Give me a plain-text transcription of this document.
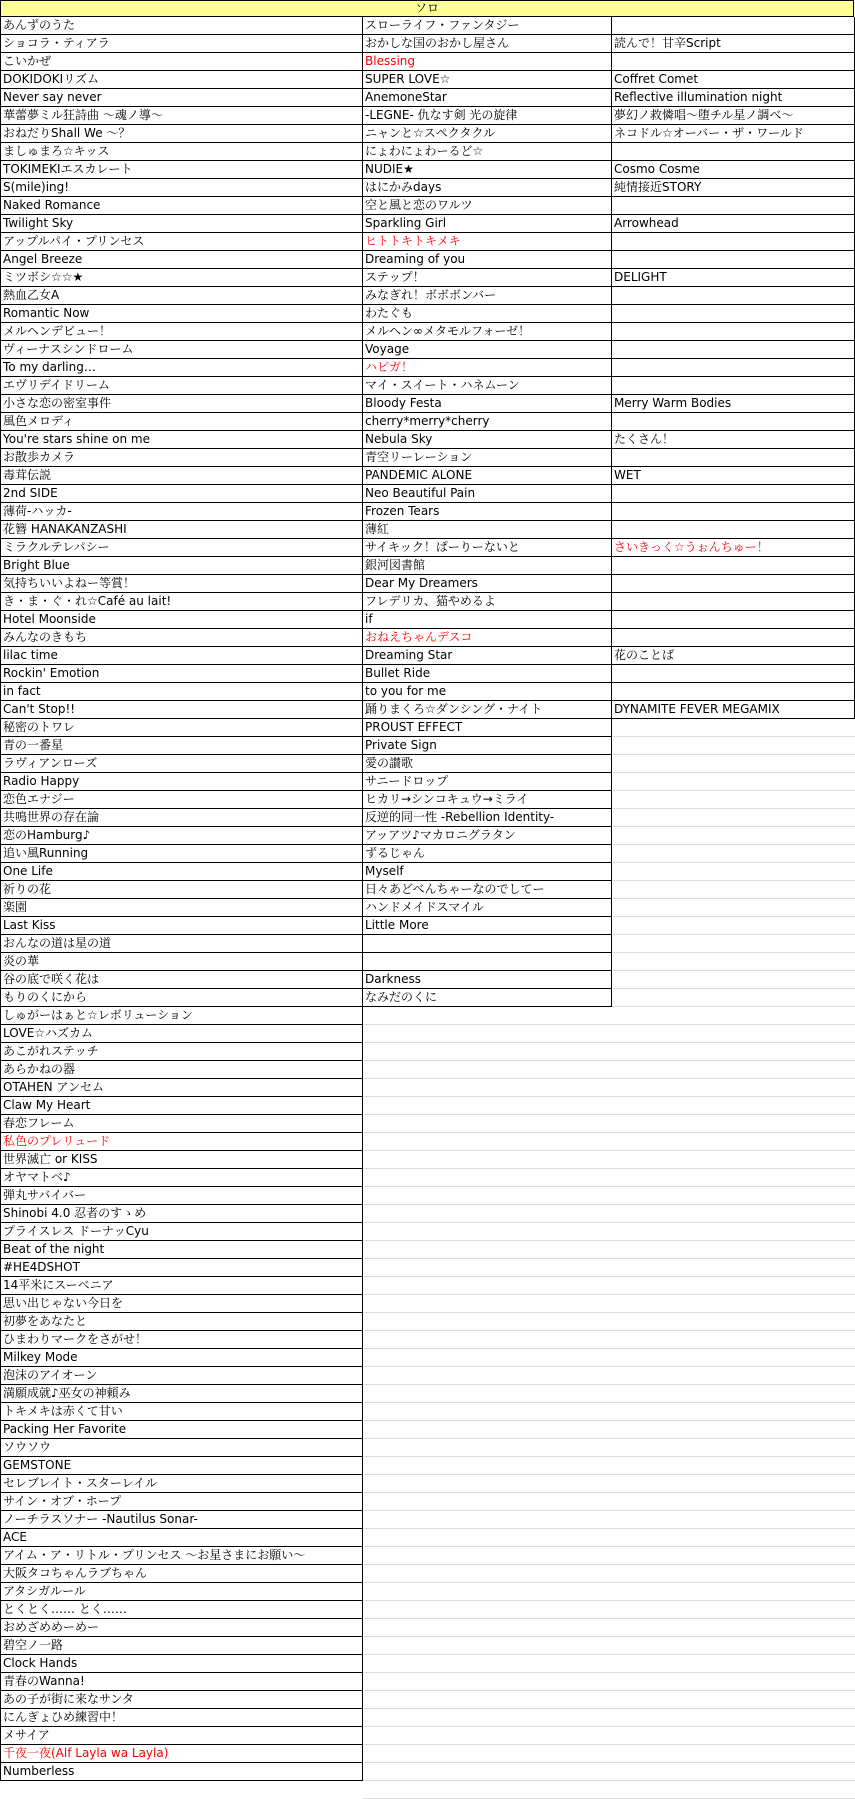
ソロ
あんずのうた
ショコラ・ティアラ
こいかぜ
DOKIDOKIリズム
Never say never
華蕾夢ミル狂詩曲 ～魂ノ導～
おねだりShall We ～？
ましゅまろ☆キッス
TOKIMEKIエスカレート
S(mile)ing!
Naked Romance
Twilight Sky
アップルパイ・プリンセス
Angel Breeze
ミツボシ☆☆★
熱血乙女A
Romantic Now
メルヘンデビュー！
ヴィーナスシンドローム
To my darling…
エヴリデイドリーム
小さな恋の密室事件
風色メロディ
You're stars shine on me
お散歩カメラ
毒茸伝説
2nd SIDE
薄荷-ハッカ-
花簪 HANAKANZASHI
ミラクルテレパシー
Bright Blue
気持ちいいよねー等賞！
き・ま・ぐ・れ☆Café au lait!
Hotel Moonside
みんなのきもち
lilac time
Rockin' Emotion
in fact
Can't Stop!!
秘密のトワレ
青の一番星
ラヴィアンローズ
Radio Happy
恋色エナジー
共鳴世界の存在論
恋のHamburg♪
追い風Running
One Life
祈りの花
楽園
Last Kiss
おんなの道は星の道
炎の華
谷の底で咲く花は
もりのくにから
しゅがーはぁと☆レボリューション
LOVE☆ハズカム
あこがれステッチ
あらかねの器
OTAHEN アンセム
Claw My Heart
春恋フレーム
私色のプレリュード
世界滅亡 or KISS
オヤマトベ♪
弾丸サバイバー
Shinobi 4.0 忍者のすゝめ
プライスレス ドーナッCyu
Beat of the night
#HE4DSHOT
14平米にスーベニア
思い出じゃない今日を
初夢をあなたと
ひまわりマークをさがせ！
Milkey Mode
泡沫のアイオーン
満願成就♪巫女の神頼み
トキメキは赤くて甘い
Packing Her Favorite
ソウソウ
GEMSTONE
セレブレイト・スターレイル
サイン・オブ・ホープ
ノーチラスソナー -Nautilus Sonar-
ACE
アイム・ア・リトル・プリンセス ～お星さまにお願い～
大阪タコちゃんラブちゃん
アタシガルール
とくとく…… とく……
おめざめめーめー
碧空ノ一路
Clock Hands
青春のWanna!
あの子が街に来なサンタ
にんぎょひめ練習中！
メサイア
千夜一夜(Alf Layla wa Layla)
Numberless
スローライフ・ファンタジー
おかしな国のおかし屋さん
Blessing
SUPER LOVE☆
AnemoneStar
-LEGNE- 仇なす剣 光の旋律
ニャンと☆スペクタクル
にょわにょわーるど☆
NUDIE★
はにかみdays
空と風と恋のワルツ
Sparkling Girl
ヒトトキトキメキ
Dreaming of you
ステップ！
みなぎれ！ボボボンバー
わたぐも
メルヘン∞メタモルフォーゼ！
Voyage
ハピガ！
マイ・スイート・ハネムーン
Bloody Festa
cherry*merry*cherry
Nebula Sky
青空リーレーション
PANDEMIC ALONE
Neo Beautiful Pain
Frozen Tears
薄紅
サイキック！ぱーりーないと
銀河図書館
Dear My Dreamers
フレデリカ、猫やめるよ
if
おねえちゃんデスコ
Dreaming Star
Bullet Ride
to you for me
踊りまくろ☆ダンシング・ナイト
PROUST EFFECT
Private Sign
愛の讃歌
サニードロップ
ヒカリ→シンコキュウ→ミライ
反逆的同一性 -Rebellion Identity-
アッアツ♪マカロニグラタン
ずるじゃん
Myself
日々あどべんちゃーなのでしてー
ハンドメイドスマイル
Little More
Darkness
なみだのくに
読んで！甘辛Script
Coffret Comet
Reflective illumination night
夢幻ノ救憐唱～堕チル星ノ調べ～
ネコドル☆オーバー・ザ・ワールド
Cosmo Cosme
純情接近STORY
Arrowhead
DELIGHT
Merry Warm Bodies
たくさん！
WET
さいきっく☆うぉんちゅー！
花のことば
DYNAMITE FEVER MEGAMIX
